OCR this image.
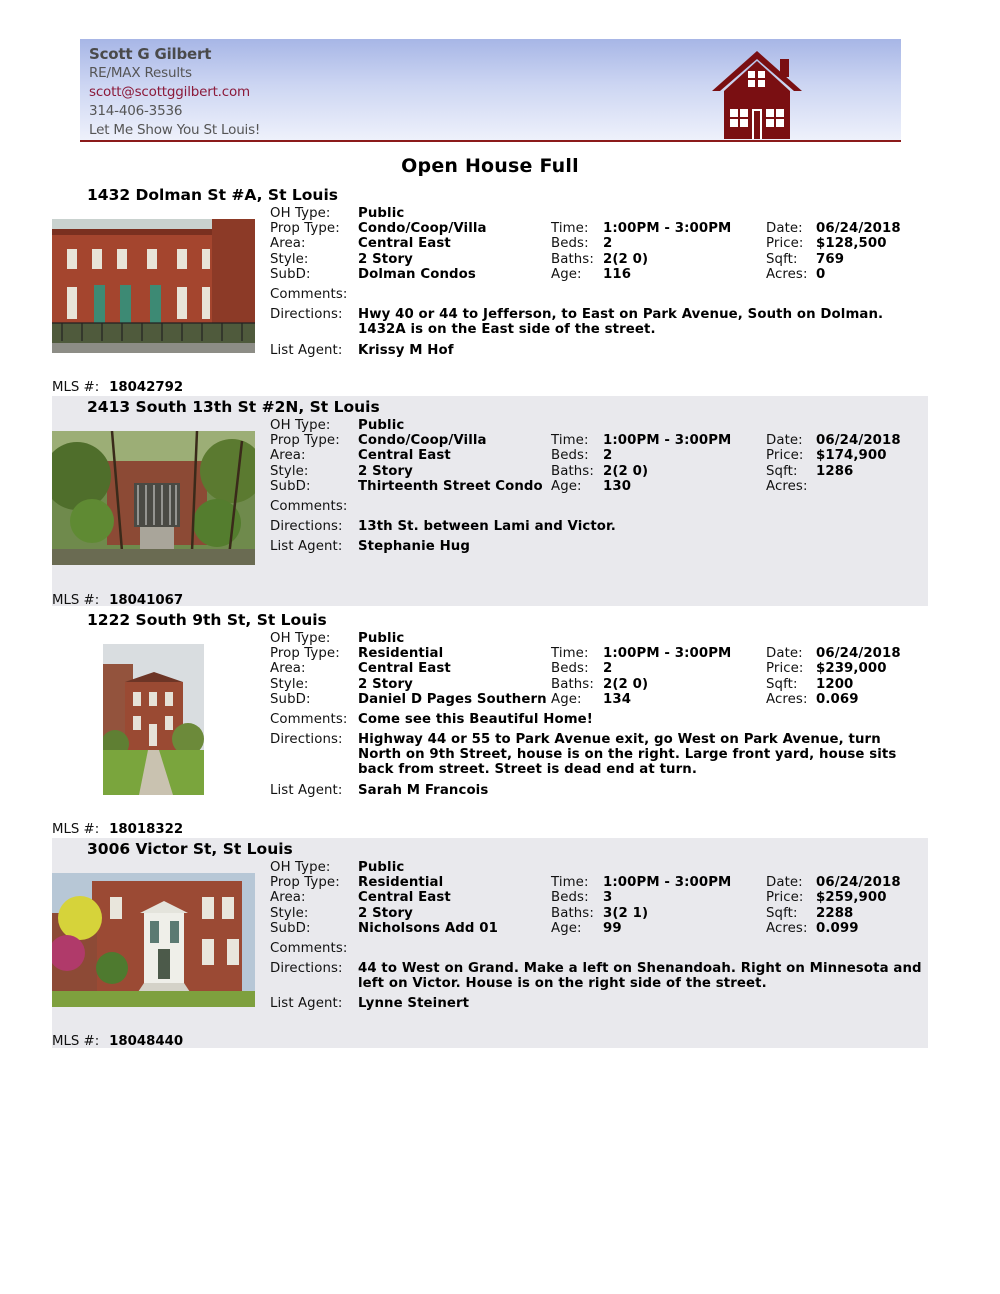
Scott G Gilbert
RE/MAX Results
scott@scottggilbert.com
314-406-3536
Let Me Show You St Louis!
Open House Full
1432 Dolman St #A, St Louis
OH Type: Public
Prop Type: Condo/Coop/Villa
Area:	Central East
Style:	2 Story
SubD:	Dolman Condos
Time: 1:00PM - 3:00PM
Beds: 2
Baths: 2(2 0)
Age: 116
Date: 06/24/2018
Price: $128,500
Sqft: 769
Acres: 0
Comments:
Directions: Hwy 40 or 44 to Jefferson, to East on Park Avenue, South on Dolman. 1432A is on the East side of the street.
List Agent: Krissy M Hof
MLS #: 18042792
2413 South 13th St #2N, St Louis
OH Type: Public
Prop Type: Condo/Coop/Villa
Area:	Central East
Style:	2 Story
SubD:	Thirteenth Street Condo
Time: 1:00PM - 3:00PM
Beds: 2
Baths: 2(2 0)
Age: 130
Date: 06/24/2018
Price: $174,900
Sqft: 1286
Acres:
Comments:
Directions: 13th St. between Lami and Victor.
List Agent: Stephanie Hug
MLS #: 18041067
1222 South 9th St, St Louis
OH Type: Public
Prop Type: Residential
Area:	Central East
Style:	2 Story
SubD:	Daniel D Pages Southern
Time: 1:00PM - 3:00PM
Beds: 2
Baths: 2(2 0)
Age: 134
Date: 06/24/2018
Price: $239,000
Sqft: 1200
Acres: 0.069
Comments: Come see this Beautiful Home!
Directions: Highway 44 or 55 to Park Avenue exit, go West on Park Avenue, turn North on 9th Street, house is on the right. Large front yard, house sits back from street. Street is dead end at turn.
List Agent: Sarah M Francois
MLS #: 18018322
3006 Victor St, St Louis
OH Type: Public
Prop Type: Residential
Area:	Central East
Style:	2 Story
SubD:	Nicholsons Add 01
Time: 1:00PM - 3:00PM
Beds: 3
Baths: 3(2 1)
Age: 99
Date: 06/24/2018
Price: $259,900
Sqft: 2288
Acres: 0.099
Comments:
Directions: 44 to West on Grand. Make a left on Shenandoah. Right on Minnesota and left on Victor. House is on the right side of the street.
List Agent: Lynne Steinert
MLS #: 18048440
